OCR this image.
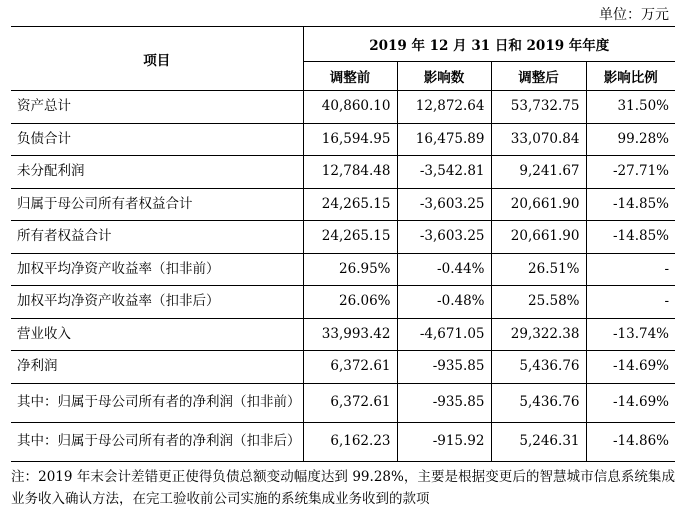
单位：万元
项目	2019 年 12 月 31 日和 2019 年年度			
	调整前	影响数	调整后	影响比例
资产总计	40,860.10	12,872.64	53,732.75	31.50%
负债合计	16,594.95	16,475.89	33,070.84	99.28%
未分配利润	12,784.48	-3,542.81	9,241.67	-27.71%
归属于母公司所有者权益合计	24,265.15	-3,603.25	20,661.90	-14.85%
所有者权益合计	24,265.15	-3,603.25	20,661.90	-14.85%
加权平均净资产收益率（扣非前）	26.95%	-0.44%	26.51%	-
加权平均净资产收益率（扣非后）	26.06%	-0.48%	25.58%	-
营业收入	33,993.42	-4,671.05	29,322.38	-13.74%
净利润	6,372.61	-935.85	5,436.76	-14.69%
其中：归属于母公司所有者的净利润（扣非前）	6,372.61	-935.85	5,436.76	-14.69%
其中：归属于母公司所有者的净利润（扣非后）	6,162.23	-915.92	5,246.31	-14.86%
注：2019 年末会计差错更正使得负债总额变动幅度达到 99.28%，主要是根据变更后的智慧城市信息系统集成业务收入确认方法，在完工验收前公司实施的系统集成业务收到的款项
